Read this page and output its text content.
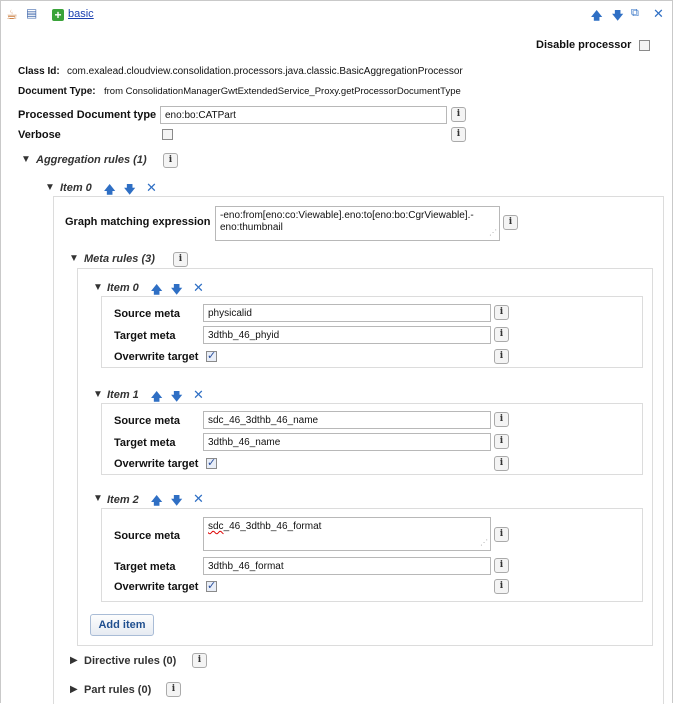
☕ ▤ + basic	🡅 🡇 ⧉ ✕
Disable processor
Class Id: com.exalead.cloudview.consolidation.processors.java.classic.BasicAggregationProcessor
Document Type: from ConsolidationManagerGwtExtendedService_Proxy.getProcessorDocumentType
Processed Document type eno:bo:CATPart	i
Verbose	i
▼ Aggregation rules (1)	i
▼ Item 0 🡅 🡇 ✕
Graph matching expression
-eno:from[eno:co:Viewable].eno:to[eno:bo:CgrViewable].-
eno:thumbnail	⋰
i
▼ Meta rules (3)	i
▼ Item 0 🡅 🡇 ✕
Source meta	physicalid	i
Target meta	3dthb_46_phyid	i
Overwrite target ✓	i
▼ Item 1 🡅 🡇 ✕
Source meta	sdc_46_3dthb_46_name	i
Target meta	3dthb_46_name	i
Overwrite target ✓	i
▼ Item 2 🡅 🡇 ✕
Source meta
sdc_46_3dthb_46_format
⋰
i
Target meta	3dthb_46_format	i
Overwrite target ✓	i
Add item
▶ Directive rules (0)	i
▶ Part rules (0)	i
